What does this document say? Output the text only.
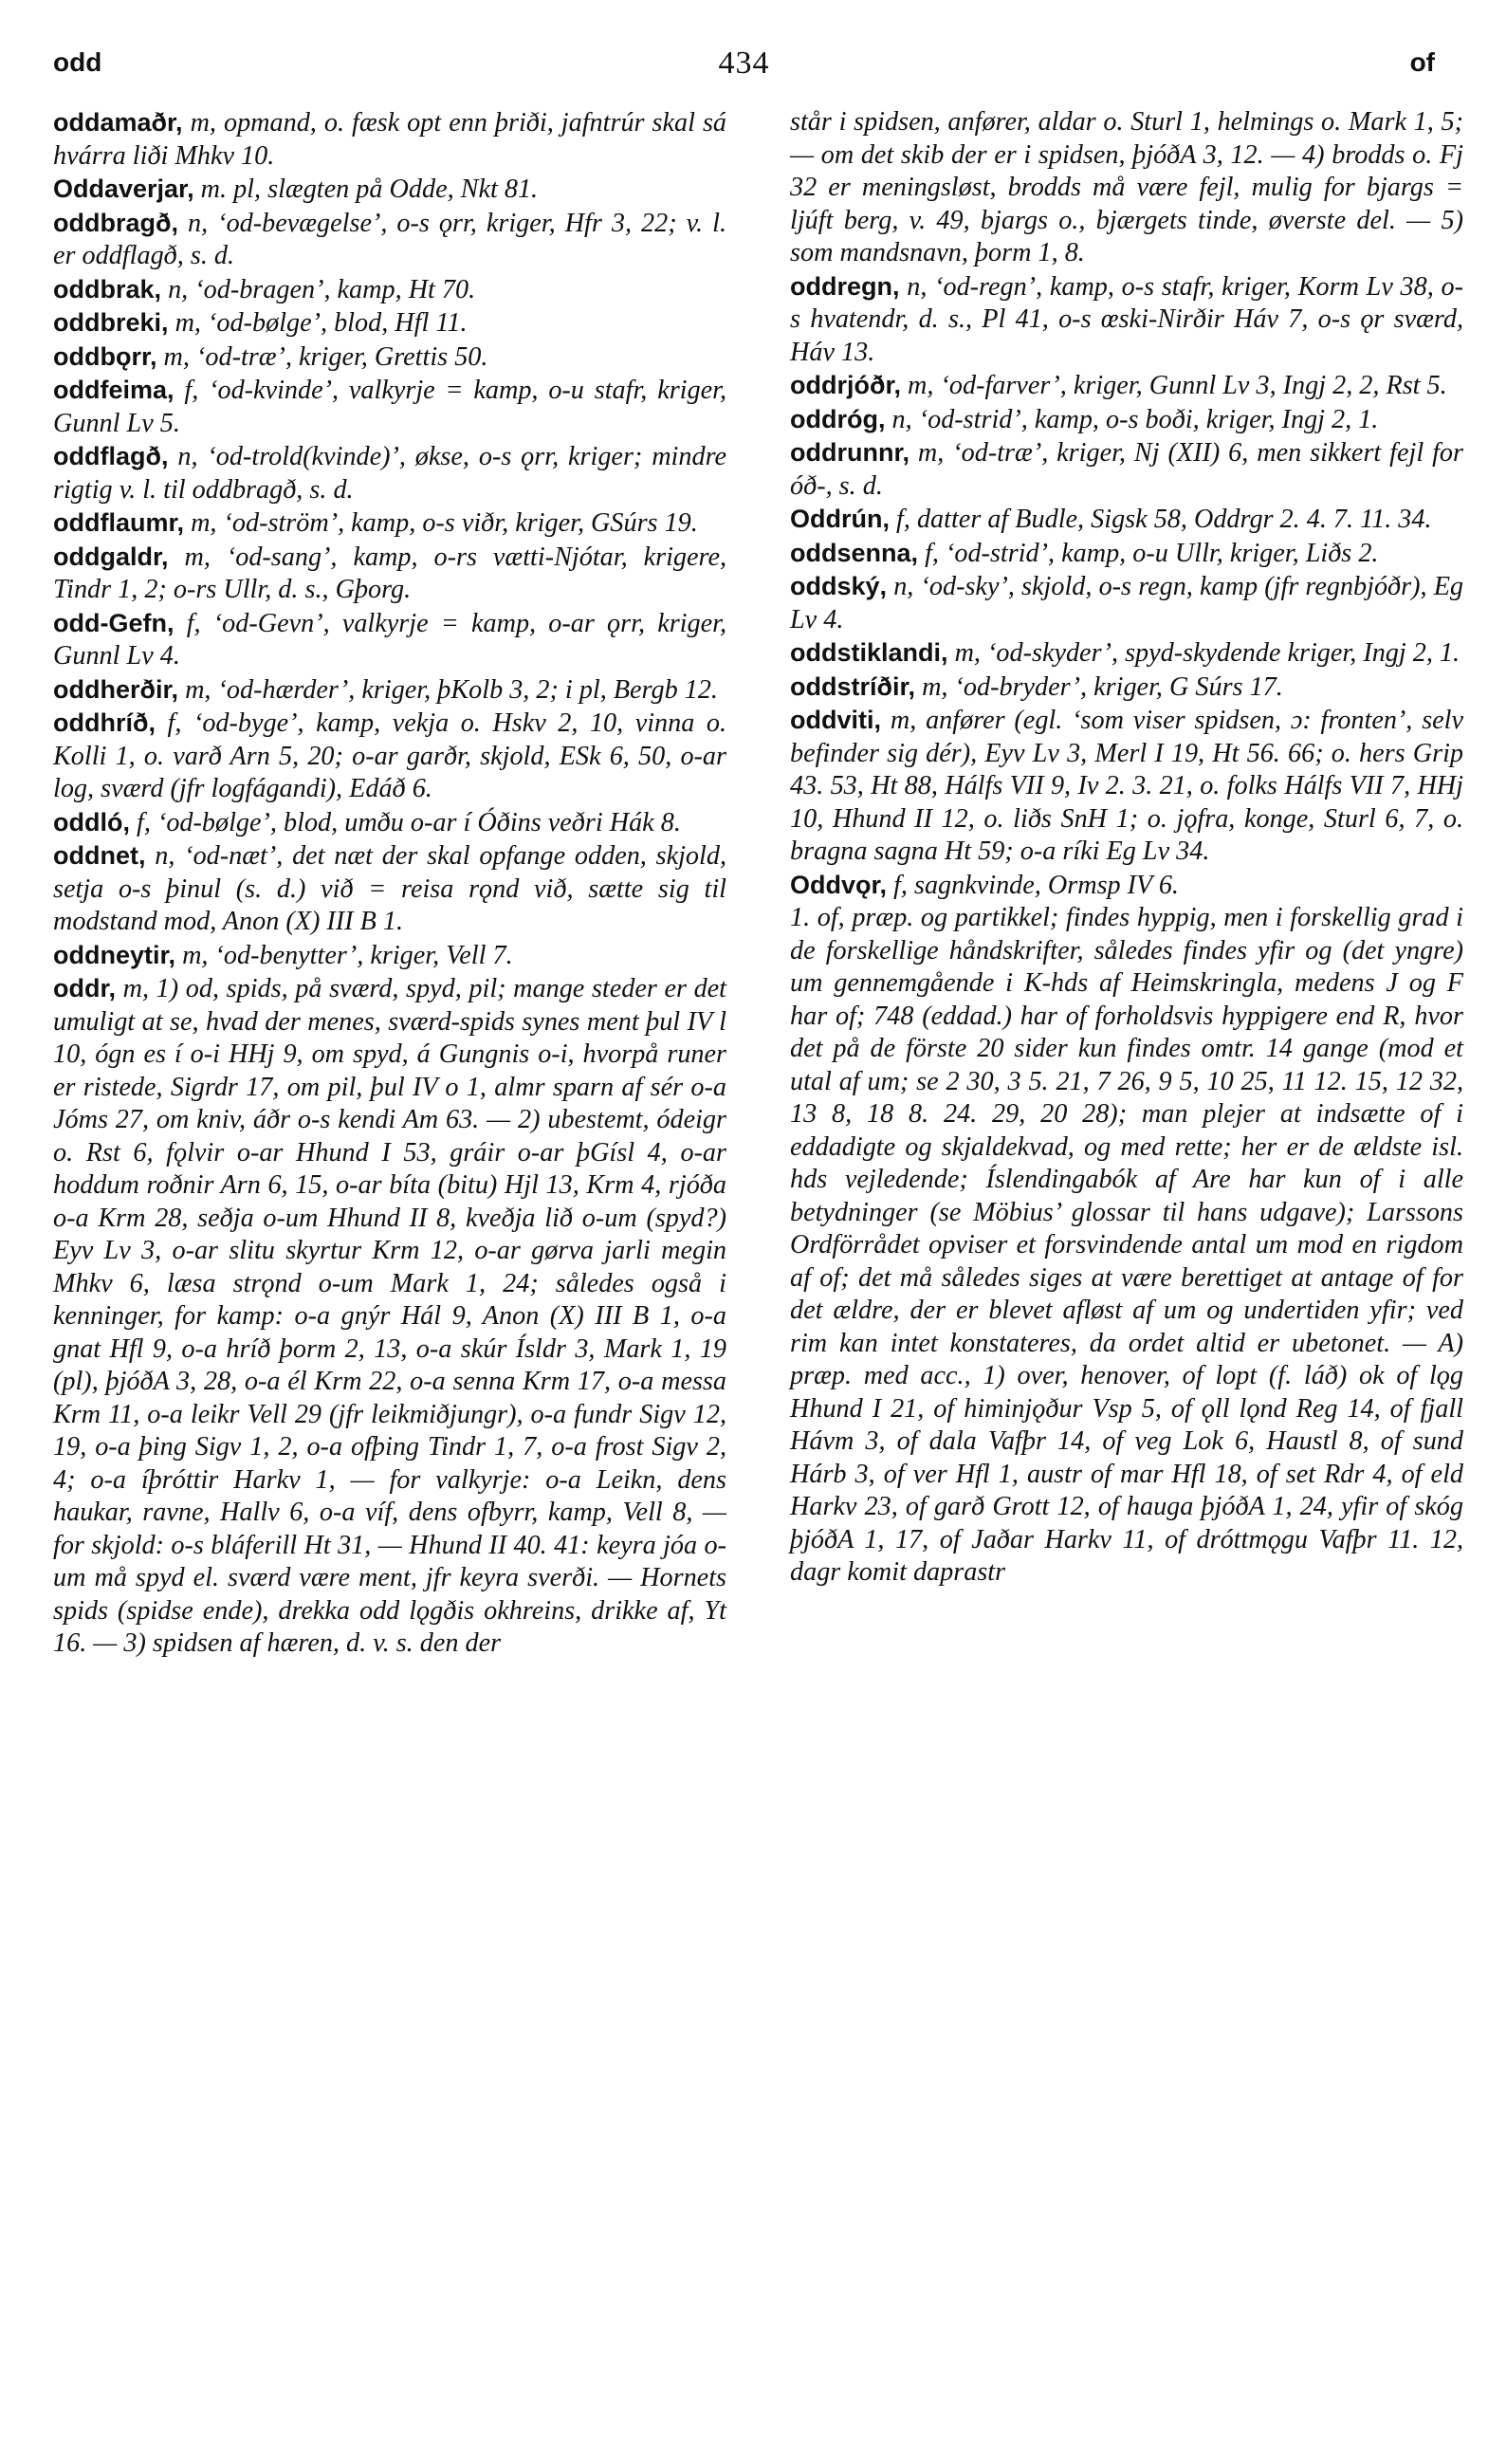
odd	434	of

oddamaðr, m, opmand, o. fæsk opt enn þriði, jafntrúr skal sá hvárra liði Mhkv 10.

Oddaverjar, m. pl, slægten på Odde, Nkt 81.

oddbragð, n, ‘od-bevægelse’, o-s ǫrr, kriger, Hfr 3, 22; v. l. er oddflagð, s. d.

oddbrak, n, ‘od-bragen’, kamp, Ht 70.

oddbreki, m, ‘od-bølge’, blod, Hfl 11.

oddbǫrr, m, ‘od-træ’, kriger, Grettis 50.

oddfeima, f, ‘od-kvinde’, valkyrje = kamp, o-u stafr, kriger, Gunnl Lv 5.

oddflagð, n, ‘od-trold(kvinde)’, økse, o-s ǫrr, kriger; mindre rigtig v. l. til oddbragð, s. d.

oddflaumr, m, ‘od-ström’, kamp, o-s viðr, kriger, GSúrs 19.

oddgaldr, m, ‘od-sang’, kamp, o-rs vætti-Njótar, krigere, Tindr 1, 2; o-rs Ullr, d. s., Gþorg.

odd-Gefn, f, ‘od-Gevn’, valkyrje = kamp, o-ar ǫrr, kriger, Gunnl Lv 4.

oddherðir, m, ‘od-hærder’, kriger, þKolb 3, 2; i pl, Bergb 12.

oddhríð, f, ‘od-byge’, kamp, vekja o. Hskv 2, 10, vinna o. Kolli 1, o. varð Arn 5, 20; o-ar garðr, skjold, ESk 6, 50, o-ar log, sværd (jfr logfágandi), Edáð 6.

oddló, f, ‘od-bølge’, blod, umðu o-ar í Óðins veðri Hák 8.

oddnet, n, ‘od-næt’, det næt der skal opfange odden, skjold, setja o-s þinul (s. d.) við = reisa rǫnd við, sætte sig til modstand mod, Anon (X) III B 1.

oddneytir, m, ‘od-benytter’, kriger, Vell 7.

oddr, m, 1) od, spids, på sværd, spyd, pil; mange steder er det umuligt at se, hvad der menes, sværd-spids synes ment þul IV l 10, ógn es í o-i HHj 9, om spyd, á Gungnis o-i, hvorpå runer er ristede, Sigrdr 17, om pil, þul IV o 1, almr sparn af sér o-a Jóms 27, om kniv, áðr o-s kendi Am 63. — 2) ubestemt, ódeigr o. Rst 6, fǫlvir o-ar Hhund I 53, gráir o-ar þGísl 4, o-ar hoddum roðnir Arn 6, 15, o-ar bíta (bitu) Hjl 13, Krm 4, rjóða o-a Krm 28, seðja o-um Hhund II 8, kveðja lið o-um (spyd?) Eyv Lv 3, o-ar slitu skyrtur Krm 12, o-ar gørva jarli megin Mhkv 6, læsa strǫnd o-um Mark 1, 24; således også i kenninger, for kamp: o-a gnýr Hál 9, Anon (X) III B 1, o-a gnat Hfl 9, o-a hríð þorm 2, 13, o-a skúr Ísldr 3, Mark 1, 19 (pl), þjóðA 3, 28, o-a él Krm 22, o-a senna Krm 17, o-a messa Krm 11, o-a leikr Vell 29 (jfr leikmiðjungr), o-a fundr Sigv 12, 19, o-a þing Sigv 1, 2, o-a ofþing Tindr 1, 7, o-a frost Sigv 2, 4; o-a íþróttir Harkv 1, — for valkyrje: o-a Leikn, dens haukar, ravne, Hallv 6, o-a víf, dens ofbyrr, kamp, Vell 8, — for skjold: o-s bláferill Ht 31, — Hhund II 40. 41: keyra jóa o-um må spyd el. sværd være ment, jfr keyra sverði. — Hornets spids (spidse ende), drekka odd lǫgðis okhreins, drikke af, Yt 16. — 3) spidsen af hæren, d. v. s. den der

står i spidsen, anfører, aldar o. Sturl 1, helmings o. Mark 1, 5; — om det skib der er i spidsen, þjóðA 3, 12. — 4) brodds o. Fj 32 er meningsløst, brodds må være fejl, mulig for bjargs = ljúft berg, v. 49, bjargs o., bjærgets tinde, øverste del. — 5) som mandsnavn, þorm 1, 8.

oddregn, n, ‘od-regn’, kamp, o-s stafr, kriger, Korm Lv 38, o-s hvatendr, d. s., Pl 41, o-s œski-Nirðir Háv 7, o-s ǫr sværd, Háv 13.

oddrjóðr, m, ‘od-farver’, kriger, Gunnl Lv 3, Ingj 2, 2, Rst 5.

oddróg, n, ‘od-strid’, kamp, o-s boði, kriger, Ingj 2, 1.

oddrunnr, m, ‘od-træ’, kriger, Nj (XII) 6, men sikkert fejl for óð-, s. d.

Oddrún, f, datter af Budle, Sigsk 58, Oddrgr 2. 4. 7. 11. 34.

oddsenna, f, ‘od-strid’, kamp, o-u Ullr, kriger, Liðs 2.

oddský, n, ‘od-sky’, skjold, o-s regn, kamp (jfr regnbjóðr), Eg Lv 4.

oddstiklandi, m, ‘od-skyder’, spyd-skydende kriger, Ingj 2, 1.

oddstríðir, m, ‘od-bryder’, kriger, G Súrs 17.

oddviti, m, anfører (egl. ‘som viser spidsen, ɔ: fronten’, selv befinder sig dér), Eyv Lv 3, Merl I 19, Ht 56. 66; o. hers Grip 43. 53, Ht 88, Hálfs VII 9, Iv 2. 3. 21, o. folks Hálfs VII 7, HHj 10, Hhund II 12, o. liðs SnH 1; o. jǫfra, konge, Sturl 6, 7, o. bragna sagna Ht 59; o-a ríki Eg Lv 34.

Oddvǫr, f, sagnkvinde, Ormsp IV 6.

1. of, præp. og partikkel; findes hyppig, men i forskellig grad i de forskellige håndskrifter, således findes yfir og (det yngre) um gennemgående i K-hds af Heimskringla, medens J og F har of; 748 (eddad.) har of forholdsvis hyppigere end R, hvor det på de förste 20 sider kun findes omtr. 14 gange (mod et utal af um; se 2 30, 3 5. 21, 7 26, 9 5, 10 25, 11 12. 15, 12 32, 13 8, 18 8. 24. 29, 20 28); man plejer at indsætte of i eddadigte og skjaldekvad, og med rette; her er de ældste isl. hds vejledende; Íslendingabók af Are har kun of i alle betydninger (se Möbius’ glossar til hans udgave); Larssons Ordförrådet opviser et forsvindende antal um mod en rigdom af of; det må således siges at være berettiget at antage of for det ældre, der er blevet afløst af um og undertiden yfir; ved rim kan intet konstateres, da ordet altid er ubetonet. — A) præp. med acc., 1) over, henover, of lopt (f. láð) ok of lǫg Hhund I 21, of himinjǫður Vsp 5, of ǫll lǫnd Reg 14, of fjall Hávm 3, of dala Vafþr 14, of veg Lok 6, Haustl 8, of sund Hárb 3, of ver Hfl 1, austr of mar Hfl 18, of set Rdr 4, of eld Harkv 23, of garð Grott 12, of hauga þjóðA 1, 24, yfir of skóg þjóðA 1, 17, of Jaðar Harkv 11, of dróttmǫgu Vafþr 11. 12, dagr komit daprastr
